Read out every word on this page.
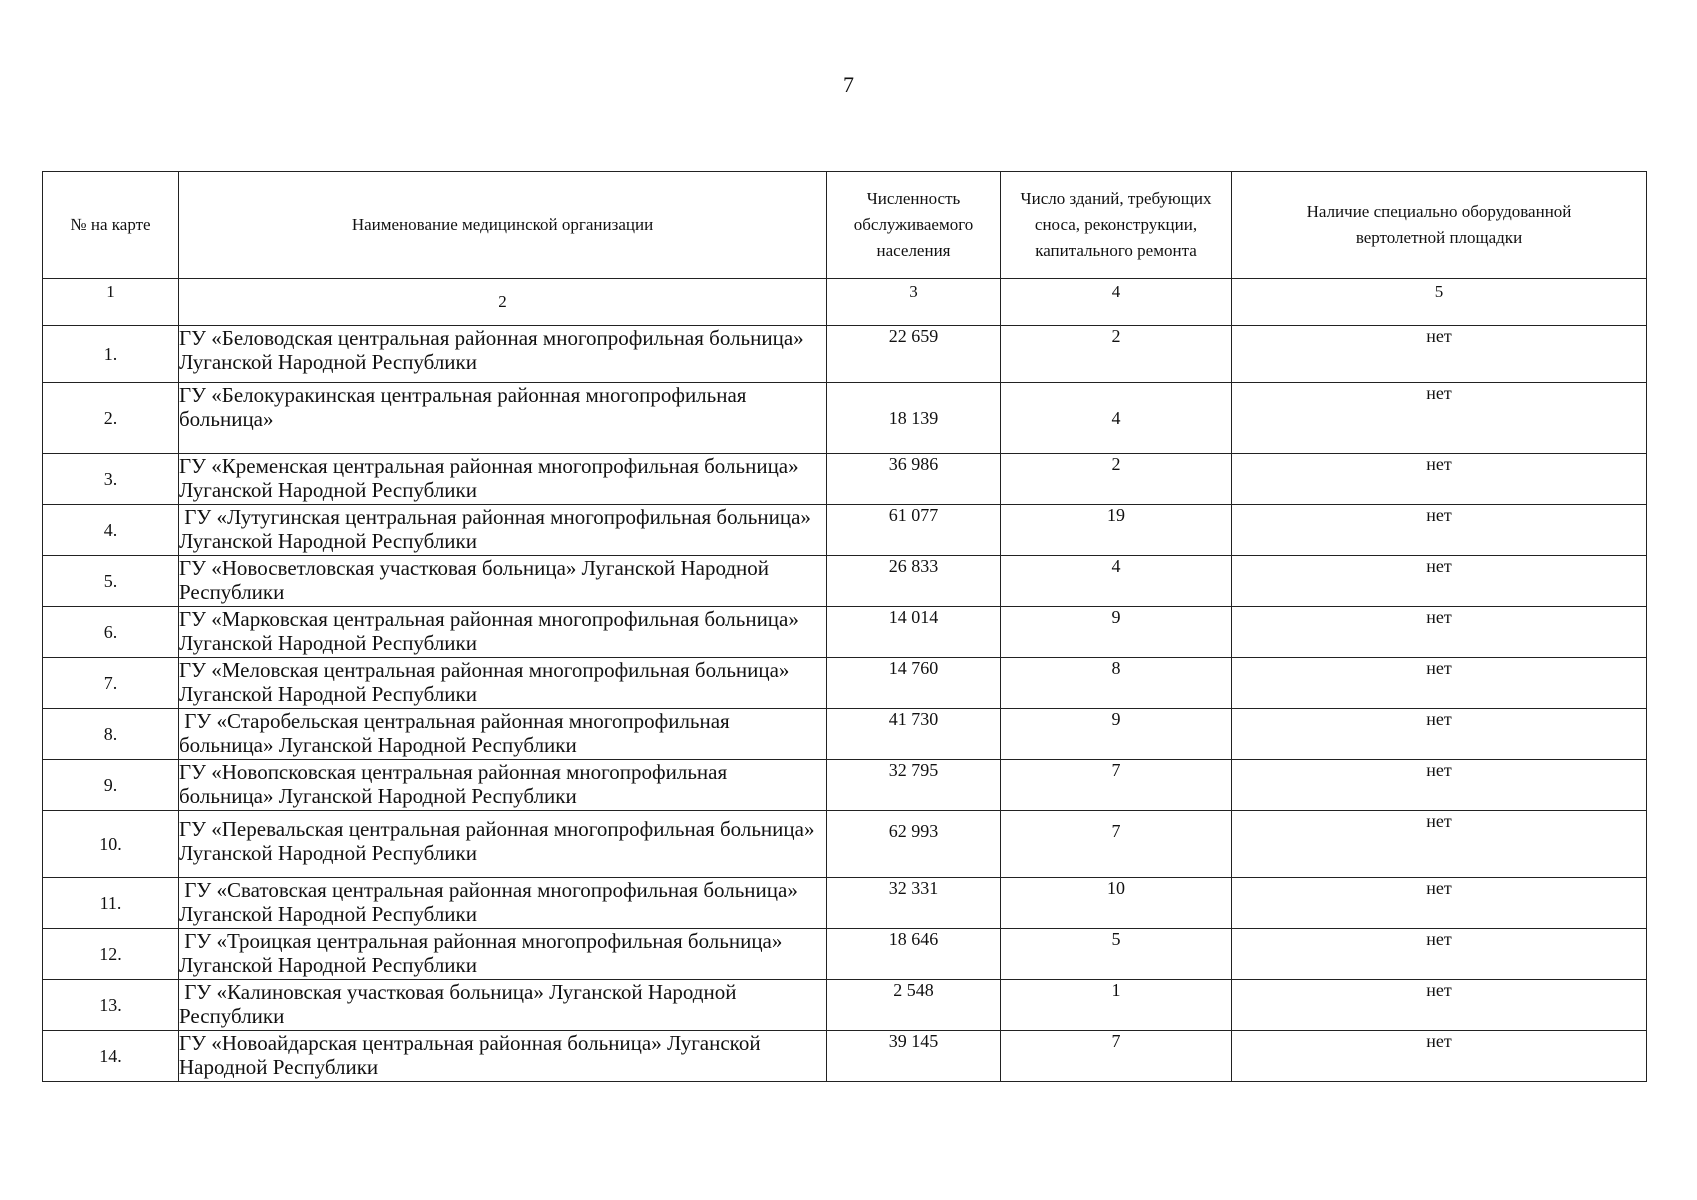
7
№ на карте	Наименование медицинской организации	Численность обслуживаемого населения	Число зданий, требующих сноса, реконструкции, капитального ремонта	Наличие специально оборудованной вертолетной площадки
1	2	3	4	5
1.	ГУ «Беловодская центральная районная многопрофильная больница» Луганской Народной Республики	22 659	2	нет
2.	ГУ «Белокуракинская центральная районная многопрофильная больница»	18 139	4	нет
3.	ГУ «Кременская центральная районная многопрофильная больница» Луганской Народной Республики	36 986	2	нет
4.	ГУ «Лутугинская центральная районная многопрофильная больница» Луганской Народной Республики	61 077	19	нет
5.	ГУ «Новосветловская участковая больница» Луганской Народной Республики	26 833	4	нет
6.	ГУ «Марковская центральная районная многопрофильная больница» Луганской Народной Республики	14 014	9	нет
7.	ГУ «Меловская центральная районная многопрофильная больница» Луганской Народной Республики	14 760	8	нет
8.	ГУ «Старобельская центральная районная многопрофильная больница» Луганской Народной Республики	41 730	9	нет
9.	ГУ «Новопсковская центральная районная многопрофильная больница» Луганской Народной Республики	32 795	7	нет
10.	ГУ «Перевальская центральная районная многопрофильная больница» Луганской Народной Республики	62 993	7	нет
11.	ГУ «Сватовская центральная районная многопрофильная больница» Луганской Народной Республики	32 331	10	нет
12.	ГУ «Троицкая центральная районная многопрофильная больница» Луганской Народной Республики	18 646	5	нет
13.	ГУ «Калиновская участковая больница» Луганской Народной Республики	2 548	1	нет
14.	ГУ «Новоайдарская центральная районная больница» Луганской Народной Республики	39 145	7	нет
